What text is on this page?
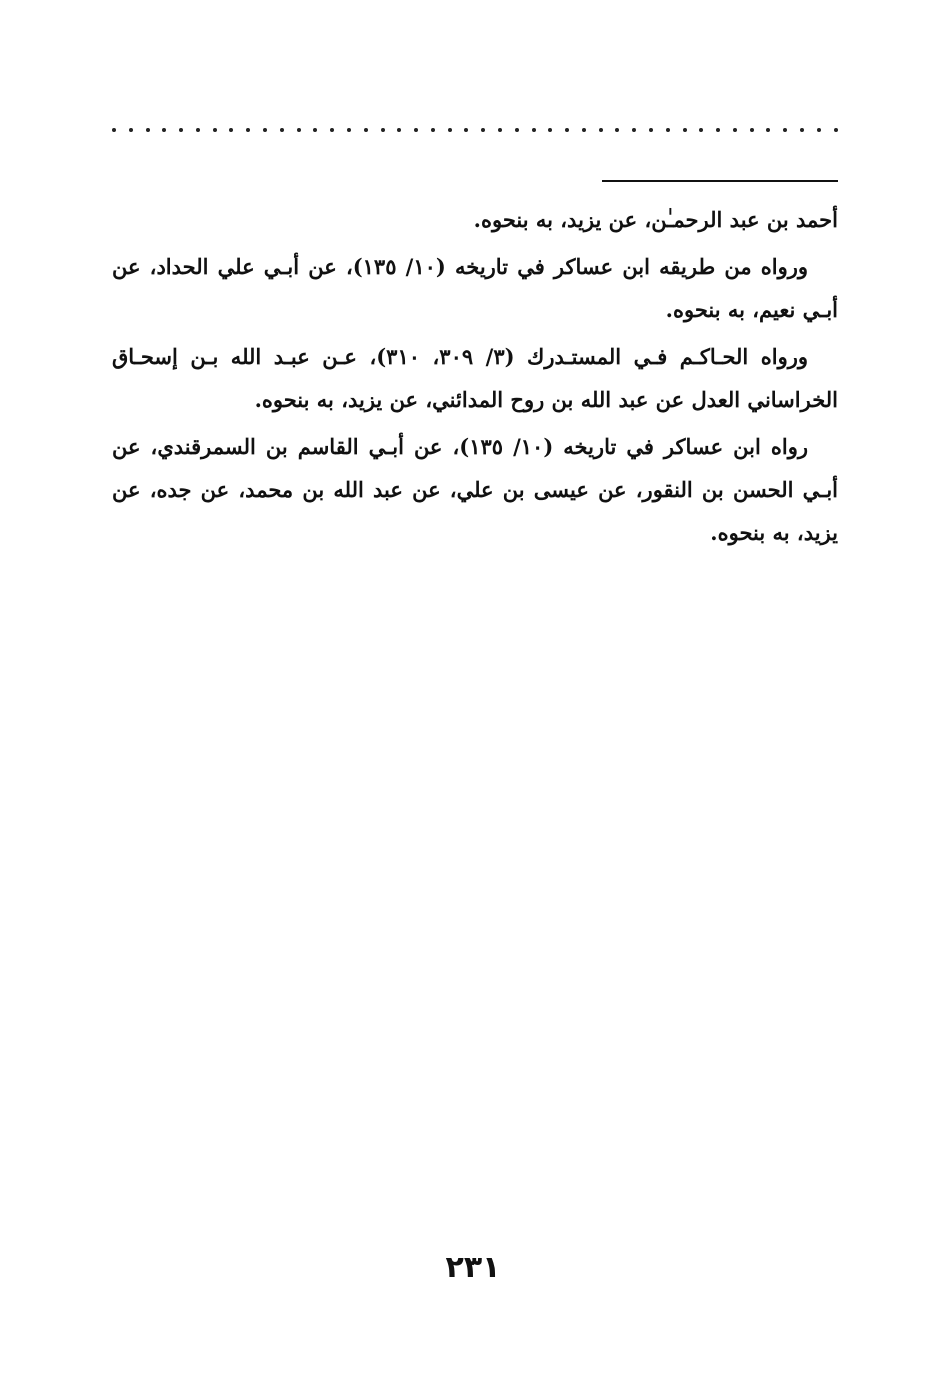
أحمد بن عبد الرحمـٰن، عن يزيد، به بنحوه.

ورواه من طريقه ابن عساكر في تاريخه (١٠/ ١٣٥)، عن أبـي علي الحداد، عن أبـي نعيم، به بنحوه.

ورواه الحـاكـم فـي المستـدرك (٣/ ٣٠٩، ٣١٠)، عـن عبـد الله بـن إسحـاق الخراساني العدل عن عبد الله بن روح المدائني، عن يزيد، به بنحوه.

رواه ابن عساكر في تاريخه (١٠/ ١٣٥)، عن أبـي القاسم بن السمرقندي، عن أبـي الحسن بن النقور، عن عيسى بن علي، عن عبد الله بن محمد، عن جده، عن يزيد، به بنحوه.

٢٣١
